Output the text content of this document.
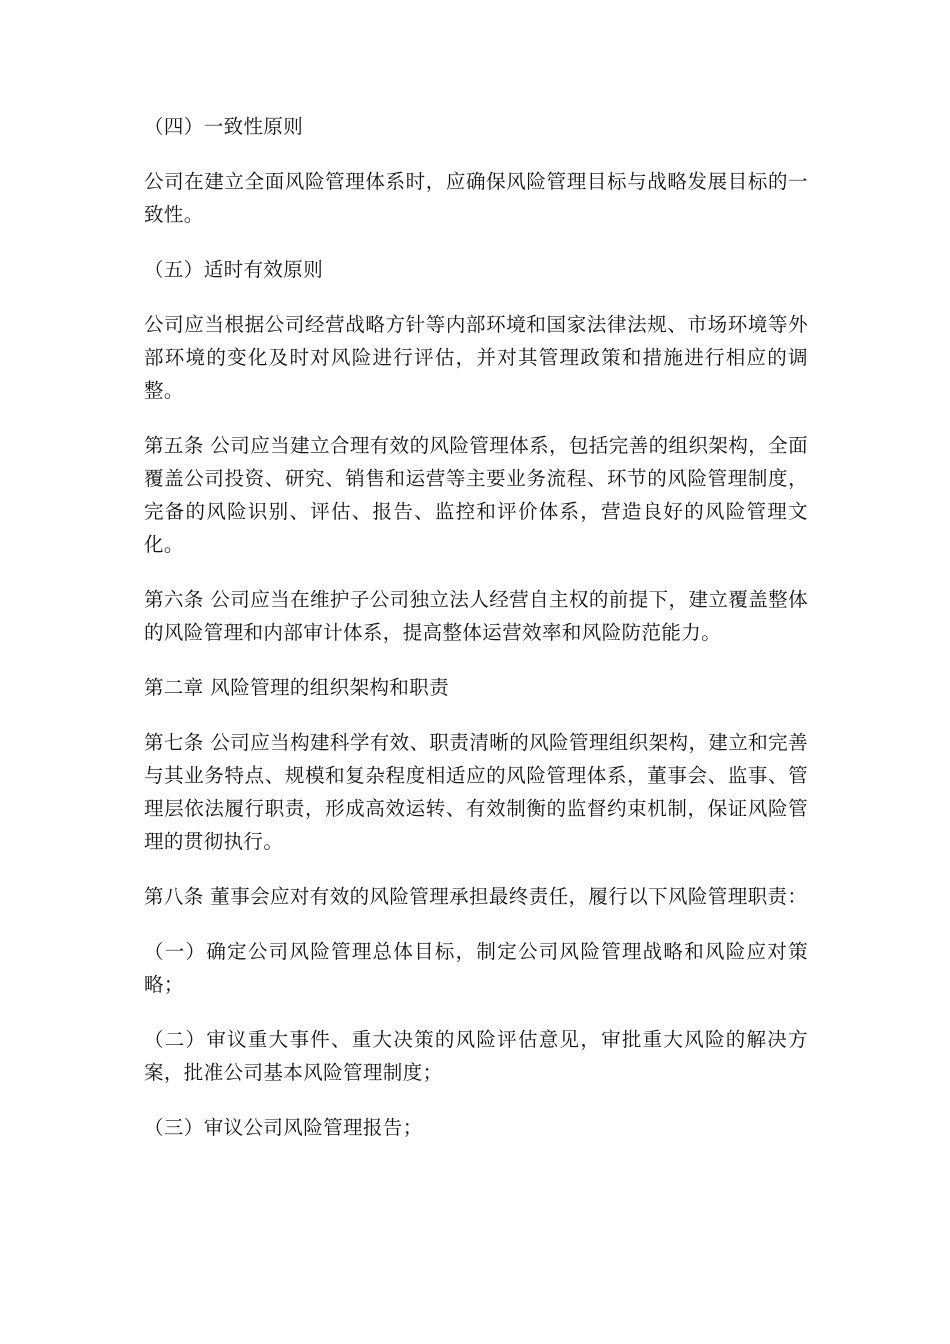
（四）一致性原则

公司在建立全面风险管理体系时，应确保风险管理目标与战略发展目标的一致性。

（五）适时有效原则

公司应当根据公司经营战略方针等内部环境和国家法律法规、市场环境等外部环境的变化及时对风险进行评估，并对其管理政策和措施进行相应的调整。

第五条 公司应当建立合理有效的风险管理体系，包括完善的组织架构，全面覆盖公司投资、研究、销售和运营等主要业务流程、环节的风险管理制度，完备的风险识别、评估、报告、监控和评价体系，营造良好的风险管理文化。

第六条 公司应当在维护子公司独立法人经营自主权的前提下，建立覆盖整体的风险管理和内部审计体系，提高整体运营效率和风险防范能力。

第二章 风险管理的组织架构和职责

第七条 公司应当构建科学有效、职责清晰的风险管理组织架构，建立和完善与其业务特点、规模和复杂程度相适应的风险管理体系，董事会、监事、管理层依法履行职责，形成高效运转、有效制衡的监督约束机制，保证风险管理的贯彻执行。

第八条 董事会应对有效的风险管理承担最终责任，履行以下风险管理职责：

（一）确定公司风险管理总体目标，制定公司风险管理战略和风险应对策略；

（二）审议重大事件、重大决策的风险评估意见，审批重大风险的解决方案，批准公司基本风险管理制度；

（三）审议公司风险管理报告；
